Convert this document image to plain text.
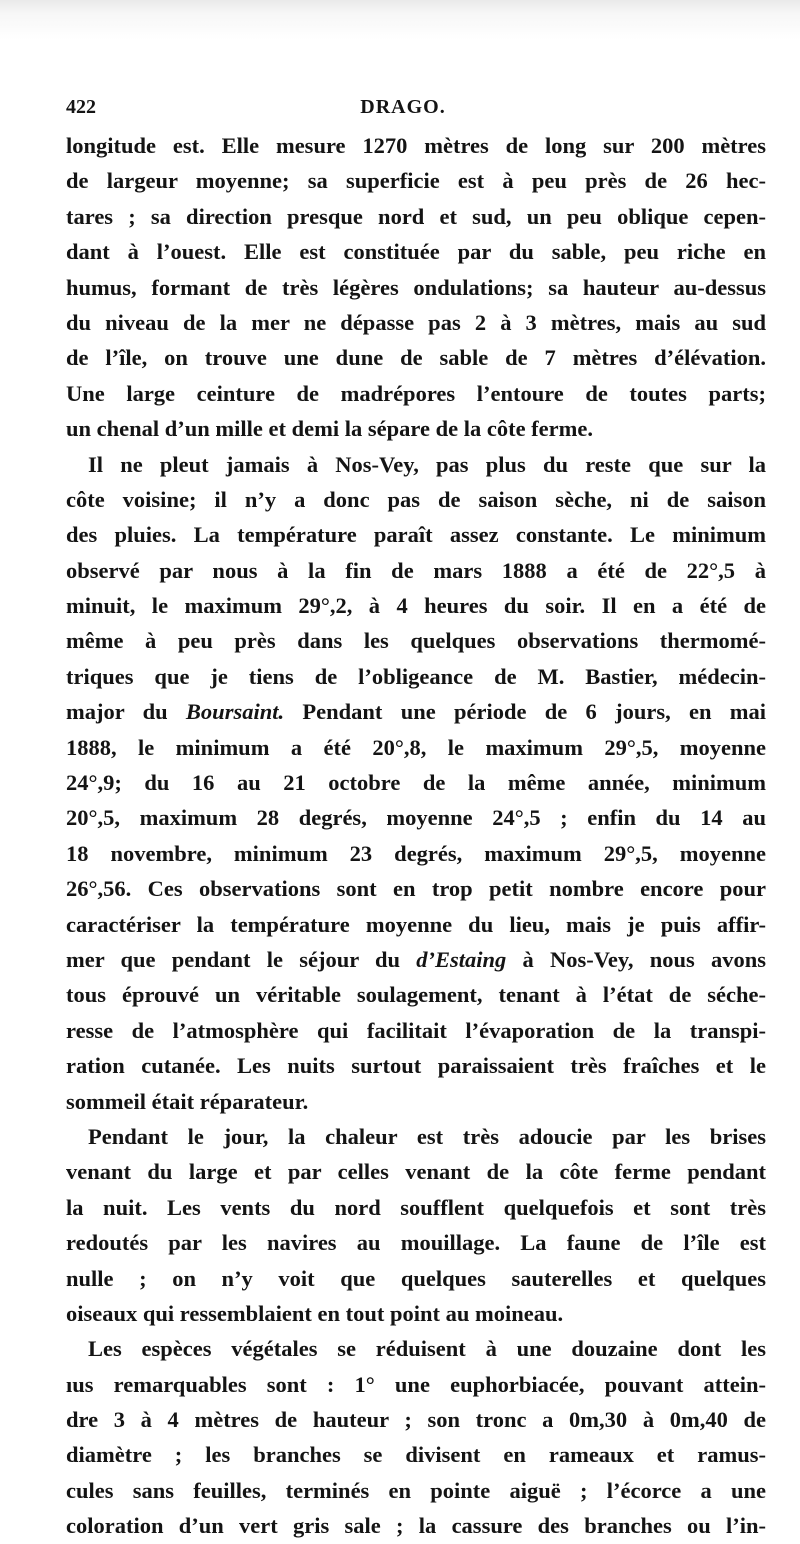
422	DRAGO.
longitude est. Elle mesure 1270 mètres de long sur 200 mètres
de largeur moyenne; sa superficie est à peu près de 26 hec-
tares ; sa direction presque nord et sud, un peu oblique cepen-
dant à l’ouest. Elle est constituée par du sable, peu riche en
humus, formant de très légères ondulations; sa hauteur au-dessus
du niveau de la mer ne dépasse pas 2 à 3 mètres, mais au sud
de l’île, on trouve une dune de sable de 7 mètres d’élévation.
Une large ceinture de madrépores l’entoure de toutes parts;
un chenal d’un mille et demi la sépare de la côte ferme.
Il ne pleut jamais à Nos-Vey, pas plus du reste que sur la
côte voisine; il n’y a donc pas de saison sèche, ni de saison
des pluies. La température paraît assez constante. Le minimum
observé par nous à la fin de mars 1888 a été de 22°,5 à
minuit, le maximum 29°,2, à 4 heures du soir. Il en a été de
même à peu près dans les quelques observations thermomé-
triques que je tiens de l’obligeance de M. Bastier, médecin-
major du Boursaint. Pendant une période de 6 jours, en mai
1888, le minimum a été 20°,8, le maximum 29°,5, moyenne
24°,9; du 16 au 21 octobre de la même année, minimum
20°,5, maximum 28 degrés, moyenne 24°,5 ; enfin du 14 au
18 novembre, minimum 23 degrés, maximum 29°,5, moyenne
26°,56. Ces observations sont en trop petit nombre encore pour
caractériser la température moyenne du lieu, mais je puis affir-
mer que pendant le séjour du d’Estaing à Nos-Vey, nous avons
tous éprouvé un véritable soulagement, tenant à l’état de séche-
resse de l’atmosphère qui facilitait l’évaporation de la transpi-
ration cutanée. Les nuits surtout paraissaient très fraîches et le
sommeil était réparateur.
Pendant le jour, la chaleur est très adoucie par les brises
venant du large et par celles venant de la côte ferme pendant
la nuit. Les vents du nord soufflent quelquefois et sont très
redoutés par les navires au mouillage. La faune de l’île est
nulle ; on n’y voit que quelques sauterelles et quelques
oiseaux qui ressemblaient en tout point au moineau.
Les espèces végétales se réduisent à une douzaine dont les
ıus remarquables sont : 1° une euphorbiacée, pouvant attein-
dre 3 à 4 mètres de hauteur ; son tronc a 0m,30 à 0m,40 de
diamètre ; les branches se divisent en rameaux et ramus-
cules sans feuilles, terminés en pointe aiguë ; l’écorce a une
coloration d’un vert gris sale ; la cassure des branches ou l’in-
